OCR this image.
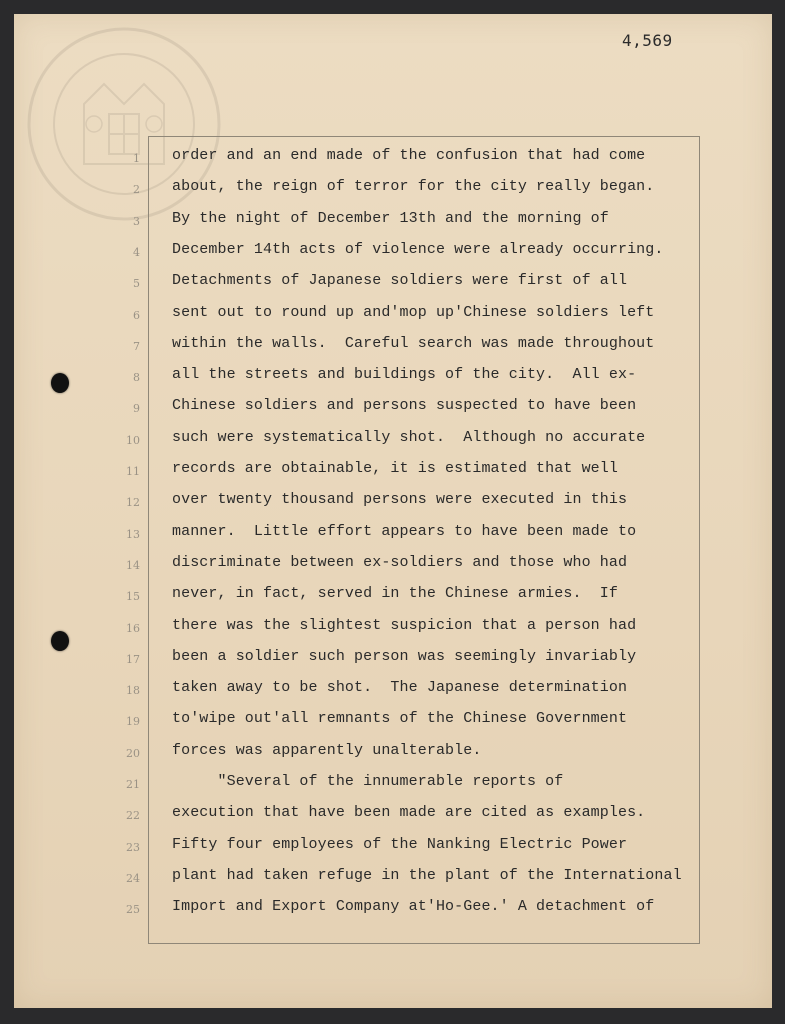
4,569
1 order and an end made of the confusion that had come
2 about, the reign of terror for the city really began.
3 By the night of December 13th and the morning of
4 December 14th acts of violence were already occurring.
5 Detachments of Japanese soldiers were first of all
6 sent out to round up and'mop up'Chinese soldiers left
7 within the walls.  Careful search was made throughout
8 all the streets and buildings of the city.  All ex-
9 Chinese soldiers and persons suspected to have been
10 such were systematically shot.  Although no accurate
11 records are obtainable, it is estimated that well
12 over twenty thousand persons were executed in this
13 manner.  Little effort appears to have been made to
14 discriminate between ex-soldiers and those who had
15 never, in fact, served in the Chinese armies.  If
16 there was the slightest suspicion that a person had
17 been a soldier such person was seemingly invariably
18 taken away to be shot.  The Japanese determination
19 to'wipe out'all remnants of the Chinese Government
20 forces was apparently unalterable.
21 "Several of the innumerable reports of
22 execution that have been made are cited as examples.
23 Fifty four employees of the Nanking Electric Power
24 plant had taken refuge in the plant of the International
25 Import and Export Company at'Ho-Gee.' A detachment of
